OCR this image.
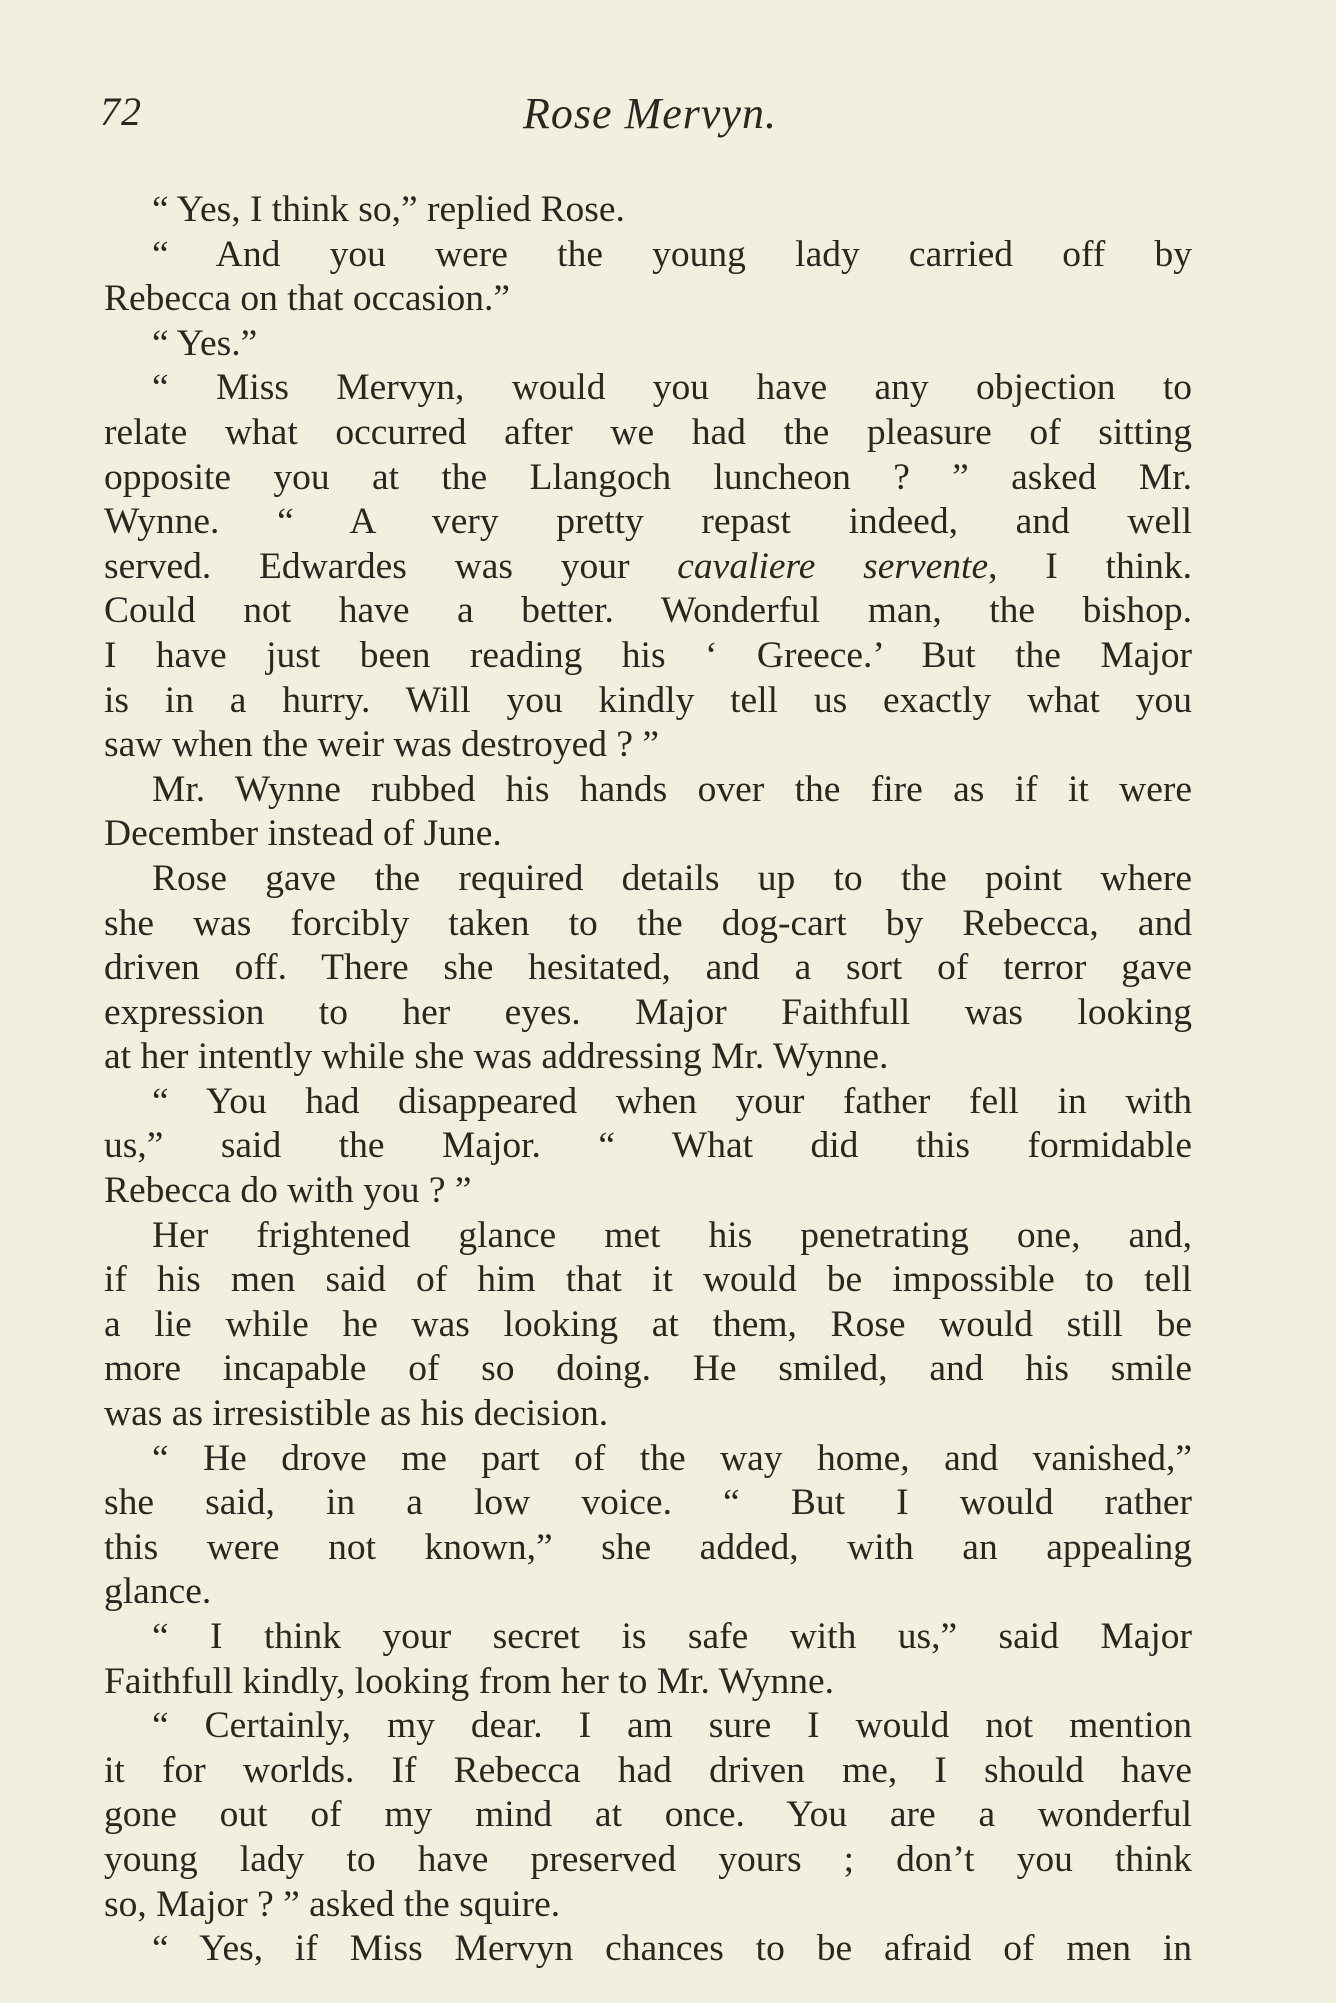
72	Rose Mervyn.
“ Yes, I think so,” replied Rose.
“ And you were the young lady carried off by
Rebecca on that occasion.”
“ Yes.”
“ Miss Mervyn, would you have any objection to
relate what occurred after we had the pleasure of sitting
opposite you at the Llangoch luncheon ? ” asked Mr.
Wynne. “ A very pretty repast indeed, and well
served. Edwardes was your cavaliere servente, I think.
Could not have a better. Wonderful man, the bishop.
I have just been reading his ‘ Greece.’ But the Major
is in a hurry. Will you kindly tell us exactly what you
saw when the weir was destroyed ? ”
Mr. Wynne rubbed his hands over the fire as if it were
December instead of June.
Rose gave the required details up to the point where
she was forcibly taken to the dog-cart by Rebecca, and
driven off. There she hesitated, and a sort of terror gave
expression to her eyes. Major Faithfull was looking
at her intently while she was addressing Mr. Wynne.
“ You had disappeared when your father fell in with
us,” said the Major. “ What did this formidable
Rebecca do with you ? ”
Her frightened glance met his penetrating one, and,
if his men said of him that it would be impossible to tell
a lie while he was looking at them, Rose would still be
more incapable of so doing. He smiled, and his smile
was as irresistible as his decision.
“ He drove me part of the way home, and vanished,”
she said, in a low voice. “ But I would rather
this were not known,” she added, with an appealing
glance.
“ I think your secret is safe with us,” said Major
Faithfull kindly, looking from her to Mr. Wynne.
“ Certainly, my dear. I am sure I would not mention
it for worlds. If Rebecca had driven me, I should have
gone out of my mind at once. You are a wonderful
young lady to have preserved yours ; don’t you think
so, Major ? ” asked the squire.
“ Yes, if Miss Mervyn chances to be afraid of men in
